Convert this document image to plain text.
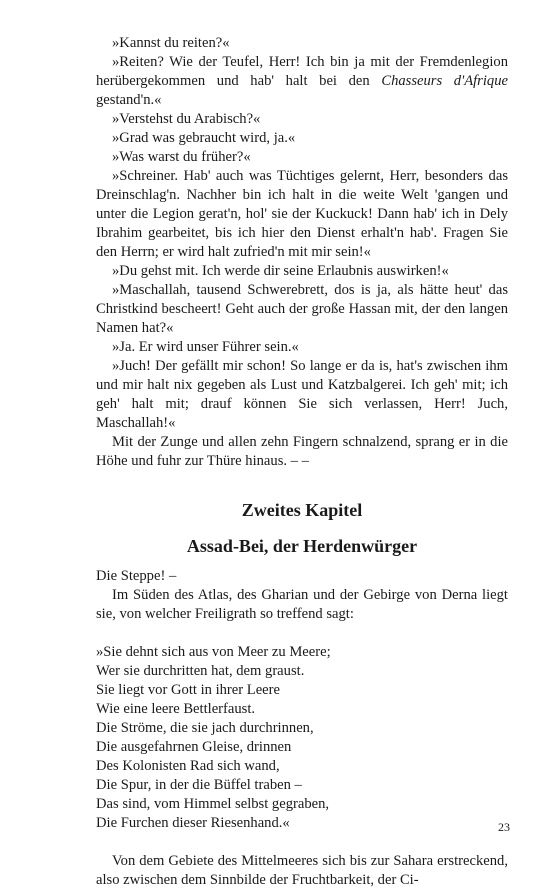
»Kannst du reiten?«

»Reiten? Wie der Teufel, Herr! Ich bin ja mit der Fremdenlegion herübergekommen und hab' halt bei den Chasseurs d'Afrique gestand'n.«

»Verstehst du Arabisch?«

»Grad was gebraucht wird, ja.«

»Was warst du früher?«

»Schreiner. Hab' auch was Tüchtiges gelernt, Herr, besonders das Dreinschlag'n. Nachher bin ich halt in die weite Welt 'gangen und unter die Legion gerat'n, hol' sie der Kuckuck! Dann hab' ich in Dely Ibrahim gearbeitet, bis ich hier den Dienst erhalt'n hab'. Fragen Sie den Herrn; er wird halt zufried'n mit mir sein!«

»Du gehst mit. Ich werde dir seine Erlaubnis auswirken!«

»Maschallah, tausend Schwerebrett, dos is ja, als hätte heut' das Christkind bescheert! Geht auch der große Hassan mit, der den langen Namen hat?«

»Ja. Er wird unser Führer sein.«

»Juch! Der gefällt mir schon! So lange er da is, hat's zwischen ihm und mir halt nix gegeben als Lust und Katzbalgerei. Ich geh' mit; ich geh' halt mit; drauf können Sie sich verlassen, Herr! Juch, Maschallah!«

Mit der Zunge und allen zehn Fingern schnalzend, sprang er in die Höhe und fuhr zur Thüre hinaus. – –

Zweites Kapitel
Assad-Bei, der Herdenwürger

Die Steppe! –

Im Süden des Atlas, des Gharian und der Gebirge von Derna liegt sie, von welcher Freiligrath so treffend sagt:

»Sie dehnt sich aus von Meer zu Meere;
Wer sie durchritten hat, dem graust.
Sie liegt vor Gott in ihrer Leere
Wie eine leere Bettlerfaust.
Die Ströme, die sie jach durchrinnen,
Die ausgefahrnen Gleise, drinnen
Des Kolonisten Rad sich wand,
Die Spur, in der die Büffel traben –
Das sind, vom Himmel selbst gegraben,
Die Furchen dieser Riesenhand.«

Von dem Gebiete des Mittelmeeres sich bis zur Sahara erstreckend, also zwischen dem Sinnbilde der Fruchtbarkeit, der Ci-

23
